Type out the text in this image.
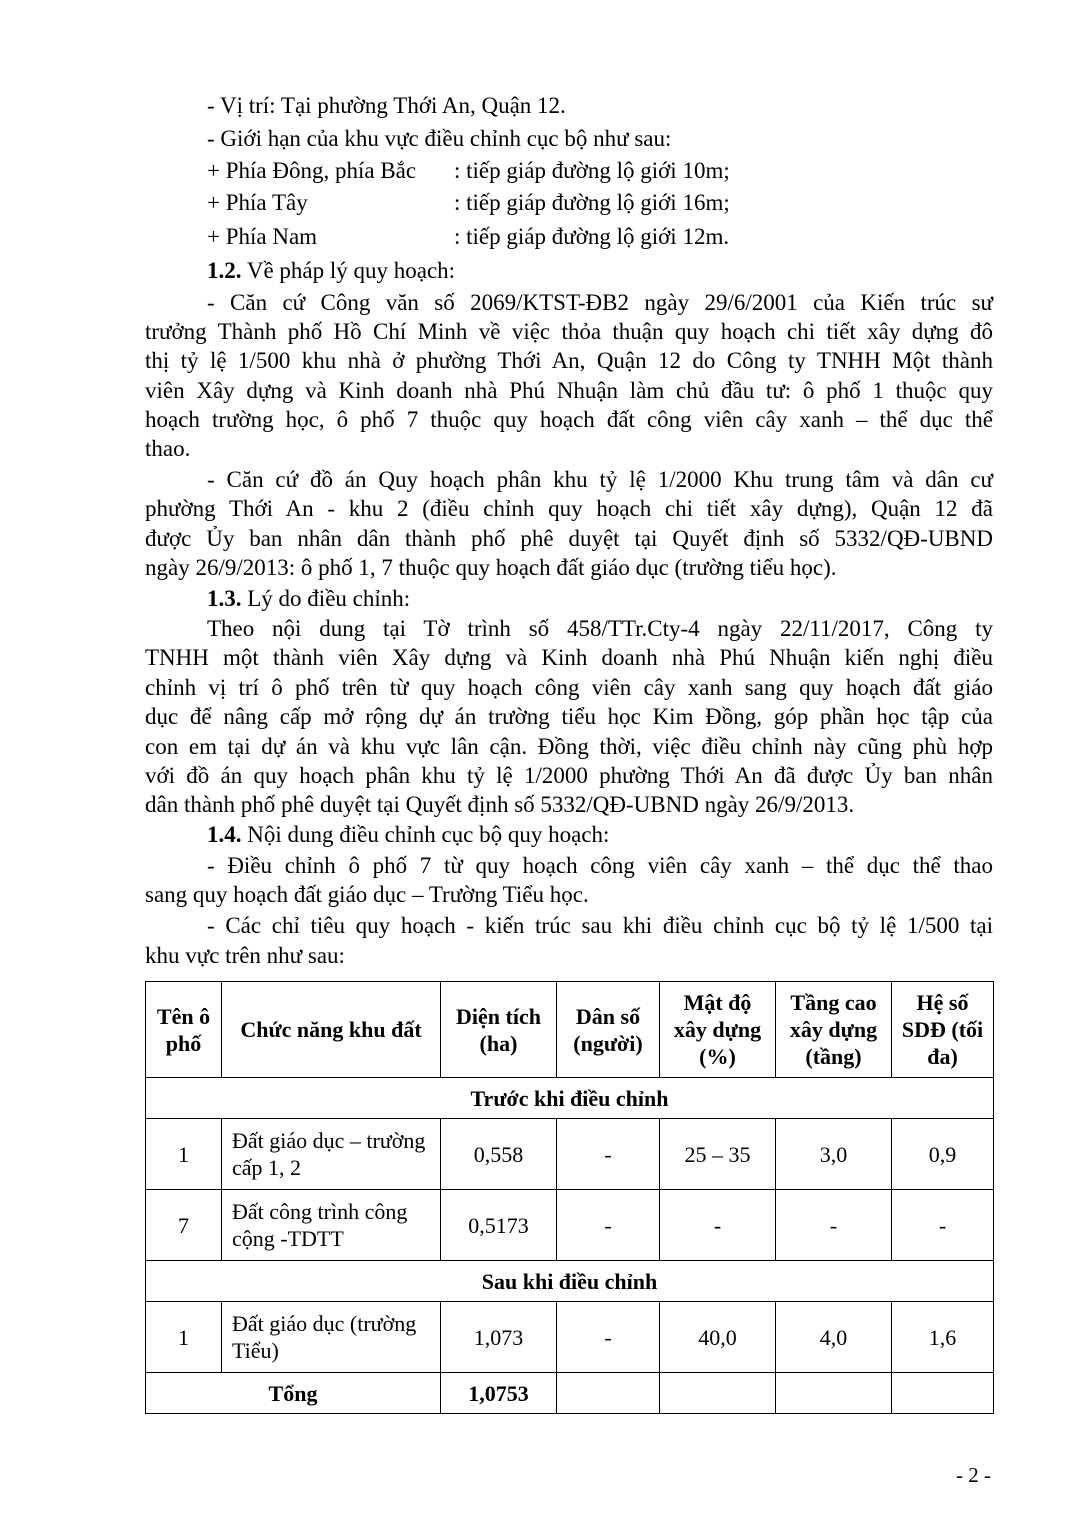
- Vị trí: Tại phường Thới An, Quận 12.
- Giới hạn của khu vực điều chỉnh cục bộ như sau:
+ Phía Đông, phía Bắc : tiếp giáp đường lộ giới 10m;
+ Phía Tây	: tiếp giáp đường lộ giới 16m;
+ Phía Nam	: tiếp giáp đường lộ giới 12m.
1.2. Về pháp lý quy hoạch:
- Căn cứ Công văn số 2069/KTST-ĐB2 ngày 29/6/2001 của Kiến trúc sư
trưởng Thành phố Hồ Chí Minh về việc thỏa thuận quy hoạch chi tiết xây dựng đô
thị tỷ lệ 1/500 khu nhà ở phường Thới An, Quận 12 do Công ty TNHH Một thành
viên Xây dựng và Kinh doanh nhà Phú Nhuận làm chủ đầu tư: ô phố 1 thuộc quy
hoạch trường học, ô phố 7 thuộc quy hoạch đất công viên cây xanh – thể dục thể
thao.
- Căn cứ đồ án Quy hoạch phân khu tỷ lệ 1/2000 Khu trung tâm và dân cư
phường Thới An - khu 2 (điều chỉnh quy hoạch chi tiết xây dựng), Quận 12 đã
được Ủy ban nhân dân thành phố phê duyệt tại Quyết định số 5332/QĐ-UBND
ngày 26/9/2013: ô phố 1, 7 thuộc quy hoạch đất giáo dục (trường tiểu học).
1.3. Lý do điều chỉnh:
Theo nội dung tại Tờ trình số 458/TTr.Cty-4 ngày 22/11/2017, Công ty
TNHH một thành viên Xây dựng và Kinh doanh nhà Phú Nhuận kiến nghị điều
chỉnh vị trí ô phố trên từ quy hoạch công viên cây xanh sang quy hoạch đất giáo
dục để nâng cấp mở rộng dự án trường tiểu học Kim Đồng, góp phần học tập của
con em tại dự án và khu vực lân cận. Đồng thời, việc điều chỉnh này cũng phù hợp
với đồ án quy hoạch phân khu tỷ lệ 1/2000 phường Thới An đã được Ủy ban nhân
dân thành phố phê duyệt tại Quyết định số 5332/QĐ-UBND ngày 26/9/2013.
1.4. Nội dung điều chỉnh cục bộ quy hoạch:
- Điều chỉnh ô phố 7 từ quy hoạch công viên cây xanh – thể dục thể thao
sang quy hoạch đất giáo dục – Trường Tiểu học.
- Các chỉ tiêu quy hoạch - kiến trúc sau khi điều chỉnh cục bộ tỷ lệ 1/500 tại
khu vực trên như sau:
Tên ô phố	Chức năng khu đất	Diện tích (ha)	Dân số (người)	Mật độ xây dựng (%)	Tầng cao xây dựng (tầng)	Hệ số SDĐ (tối đa)
Trước khi điều chỉnh						
1	Đất giáo dục – trường cấp 1, 2	0,558	-	25 – 35	3,0	0,9
7	Đất công trình công cộng -TDTT	0,5173	-	-	-	-
Sau khi điều chỉnh						
1	Đất giáo dục (trường Tiểu)	1,073	-	40,0	4,0	1,6
Tổng		1,0753				
- 2 -
